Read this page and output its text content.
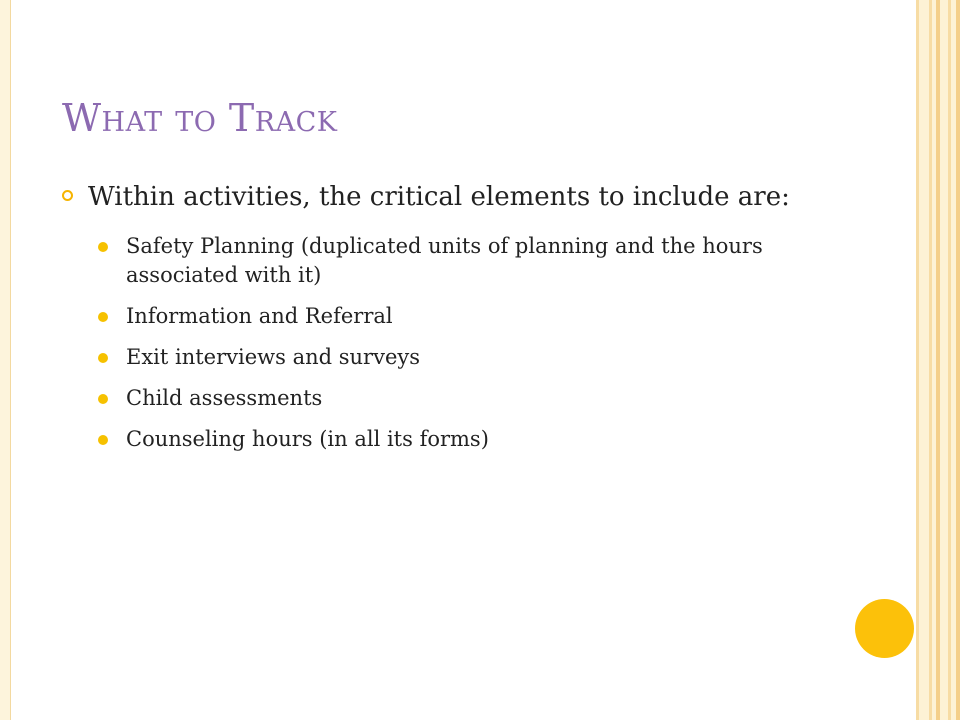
What to Track
Within activities, the critical elements to include are:
Safety Planning (duplicated units of planning and the hours associated with it)
Information and Referral
Exit interviews and surveys
Child assessments
Counseling hours (in all its forms)
